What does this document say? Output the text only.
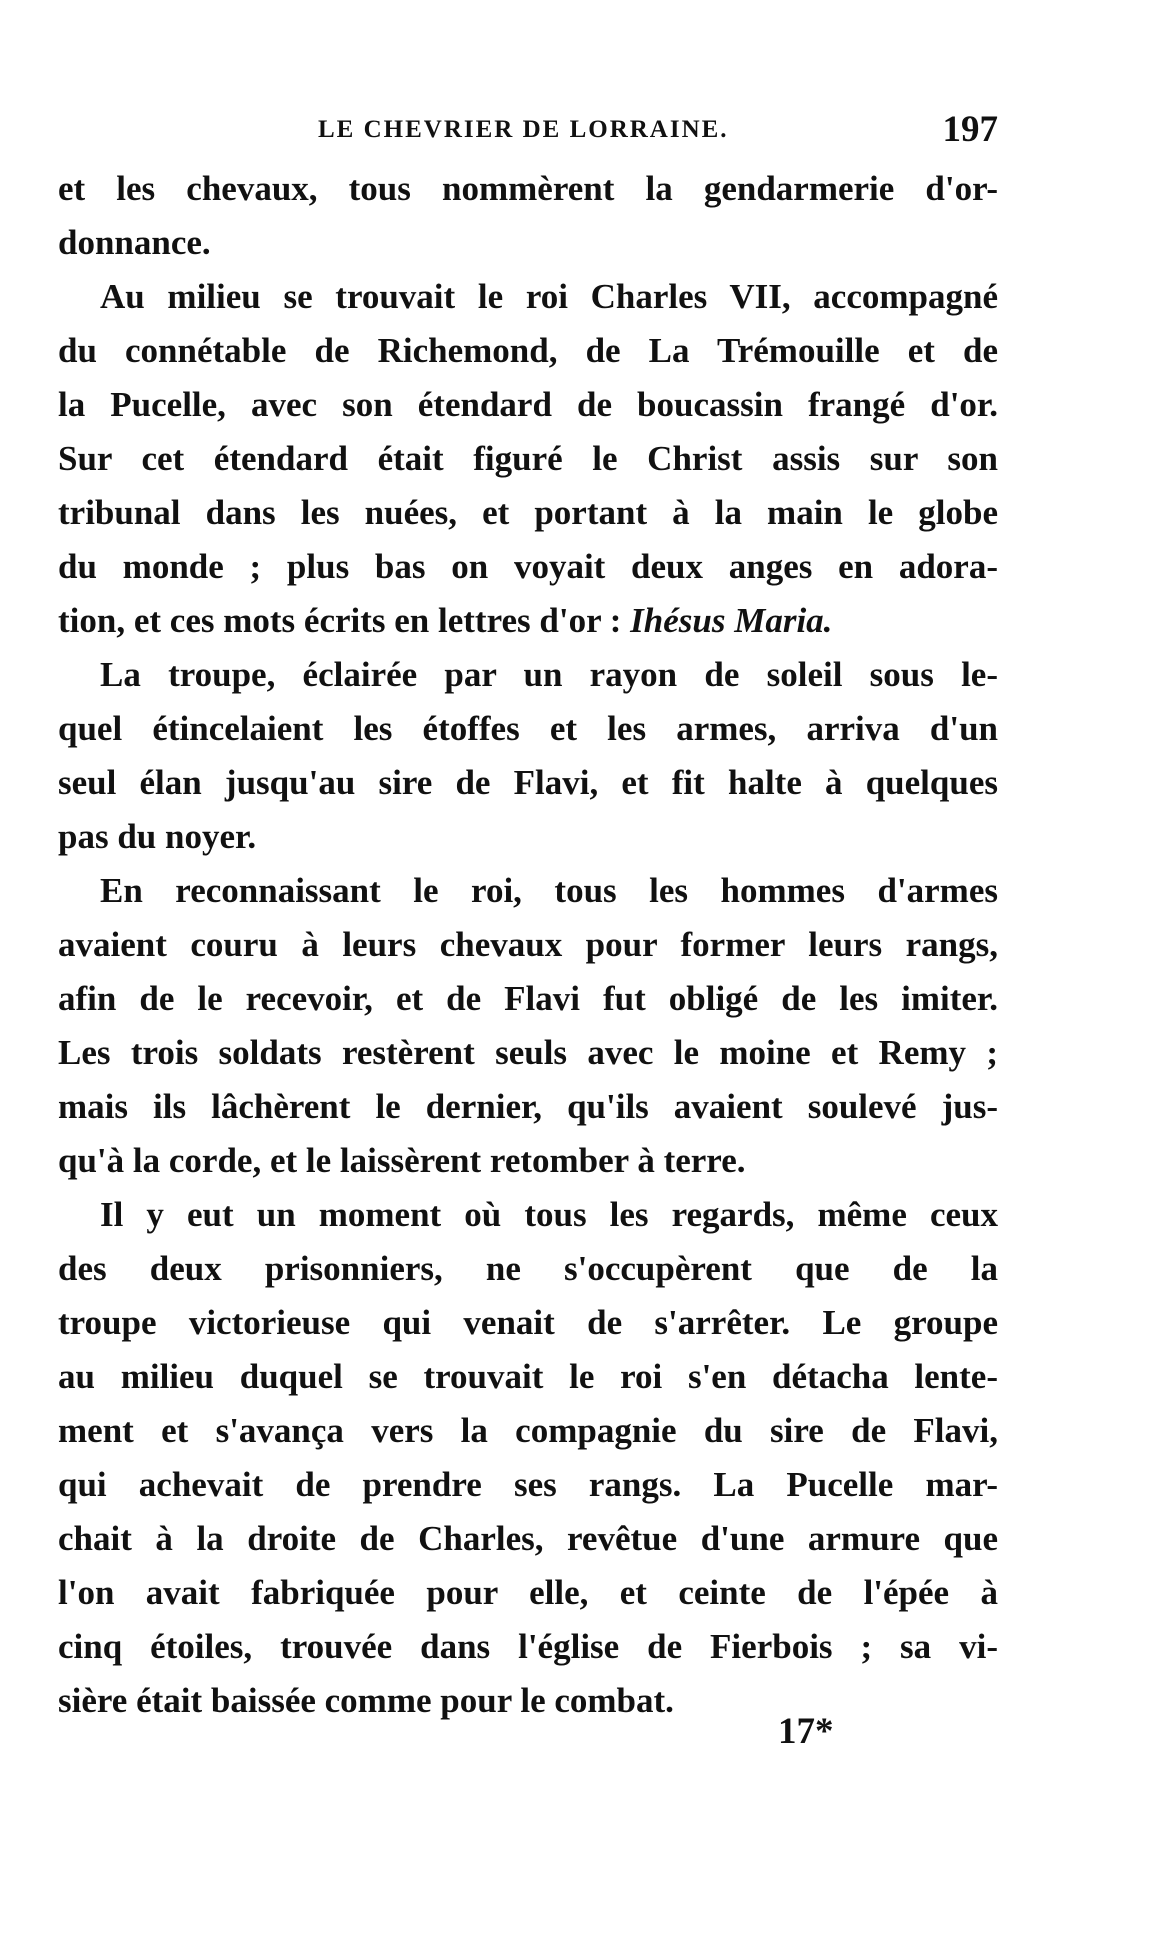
LE CHEVRIER DE LORRAINE.	197

et les chevaux, tous nommèrent la gendarmerie d'or-
donnance.

Au milieu se trouvait le roi Charles VII, accompagné
du connétable de Richemond, de La Trémouille et de
la Pucelle, avec son étendard de boucassin frangé d'or.
Sur cet étendard était figuré le Christ assis sur son
tribunal dans les nuées, et portant à la main le globe
du monde ; plus bas on voyait deux anges en adora-
tion, et ces mots écrits en lettres d'or : Ihésus Maria.

La troupe, éclairée par un rayon de soleil sous le-
quel étincelaient les étoffes et les armes, arriva d'un
seul élan jusqu'au sire de Flavi, et fit halte à quelques
pas du noyer.

En reconnaissant le roi, tous les hommes d'armes
avaient couru à leurs chevaux pour former leurs rangs,
afin de le recevoir, et de Flavi fut obligé de les imiter.
Les trois soldats restèrent seuls avec le moine et Remy ;
mais ils lâchèrent le dernier, qu'ils avaient soulevé jus-
qu'à la corde, et le laissèrent retomber à terre.

Il y eut un moment où tous les regards, même ceux
des deux prisonniers, ne s'occupèrent que de la
troupe victorieuse qui venait de s'arrêter. Le groupe
au milieu duquel se trouvait le roi s'en détacha lente-
ment et s'avança vers la compagnie du sire de Flavi,
qui achevait de prendre ses rangs. La Pucelle mar-
chait à la droite de Charles, revêtue d'une armure que
l'on avait fabriquée pour elle, et ceinte de l'épée à
cinq étoiles, trouvée dans l'église de Fierbois ; sa vi-
sière était baissée comme pour le combat.

17*
